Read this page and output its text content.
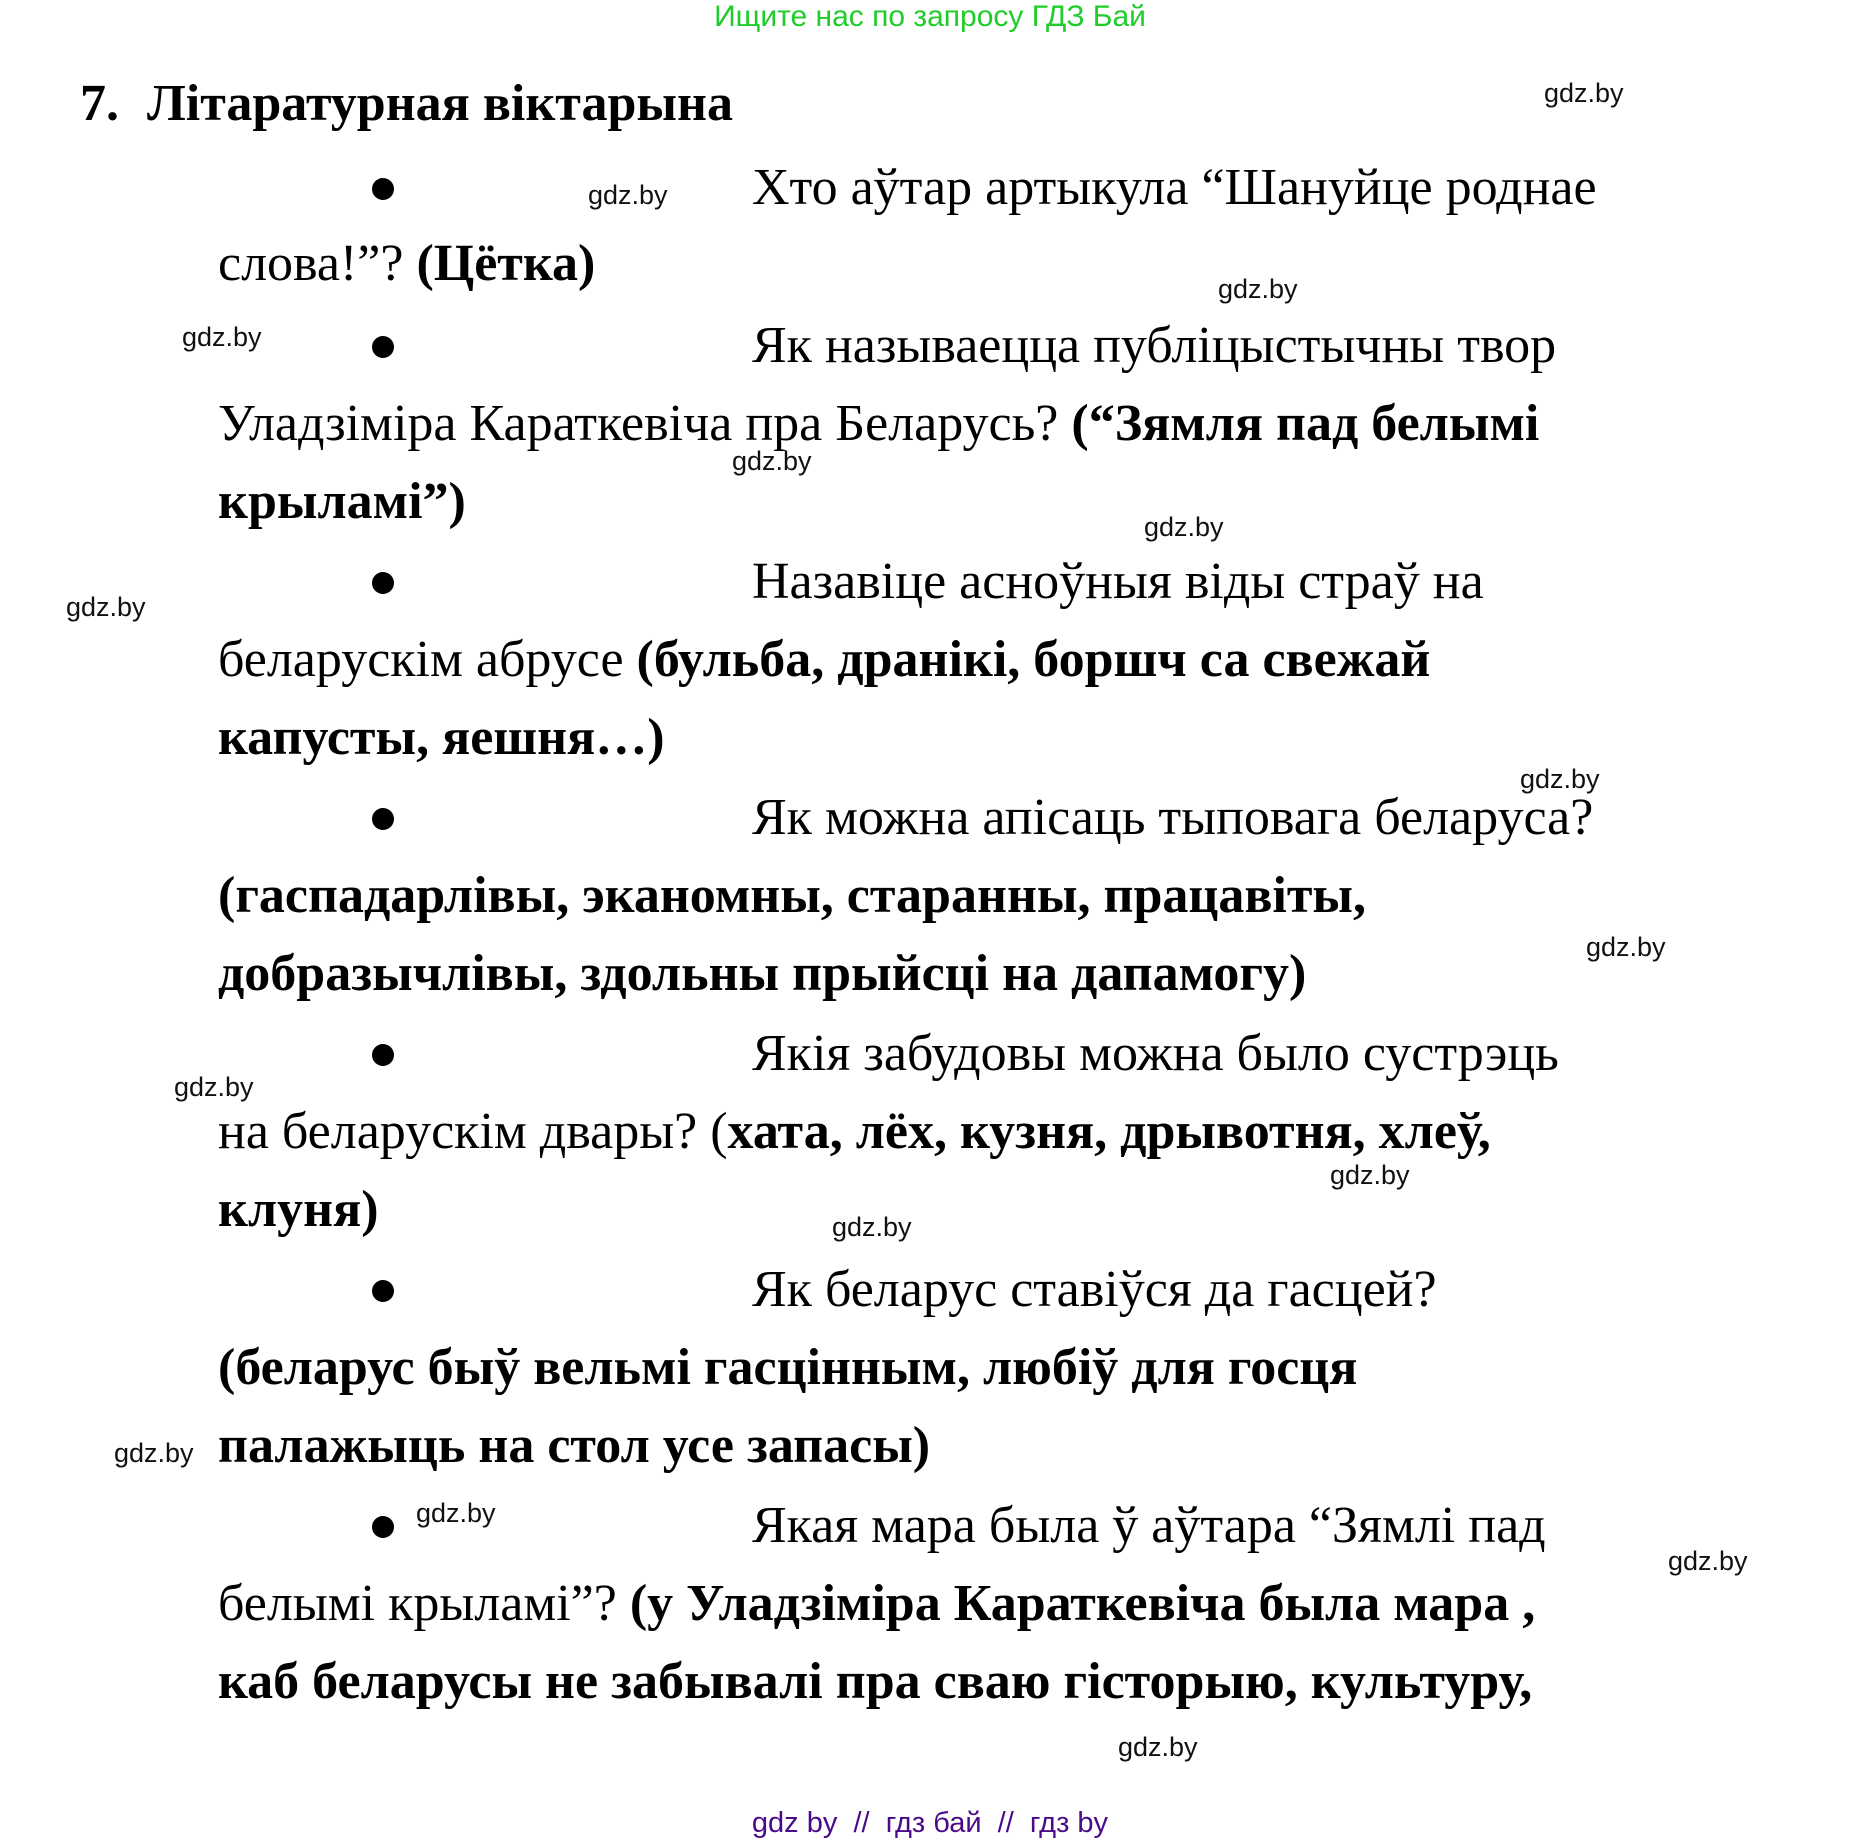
Ищите нас по запросу ГДЗ Бай
7. Літаратурная віктарына
Хто аўтар артыкула “Шануйце роднае
слова!”? (Цётка)
Як называецца публіцыстычны твор
Уладзіміра Караткевіча пра Беларусь? (“Зямля пад белымі
крыламі”)
Назавіце асноўныя віды страў на
беларускім абрусе (бульба, дранікі, боршч са свежай
капусты, яешня…)
Як можна апісаць тыповага беларуса?
(гаспадарлівы, эканомны, старанны, працавіты,
добразычлівы, здольны прыйсці на дапамогу)
Якія забудовы можна было сустрэць
на беларускім двары? (хата, лёх, кузня, дрывотня, хлеў,
клуня)
Як беларус ставіўся да гасцей?
(беларус быў вельмі гасцінным, любіў для госця
палажыць на стол усе запасы)
Якая мара была ў аўтара “Зямлі пад
белымі крыламі”? (у Уладзіміра Караткевіча была мара ,
каб беларусы не забывалі пра сваю гісторыю, культуру,
gdz.by
gdz.by
gdz.by
gdz.by
gdz.by
gdz.by
gdz.by
gdz.by
gdz.by
gdz.by
gdz.by
gdz.by
gdz.by
gdz.by
gdz.by
gdz.by
gdz by  //  гдз бай  //  гдз by
